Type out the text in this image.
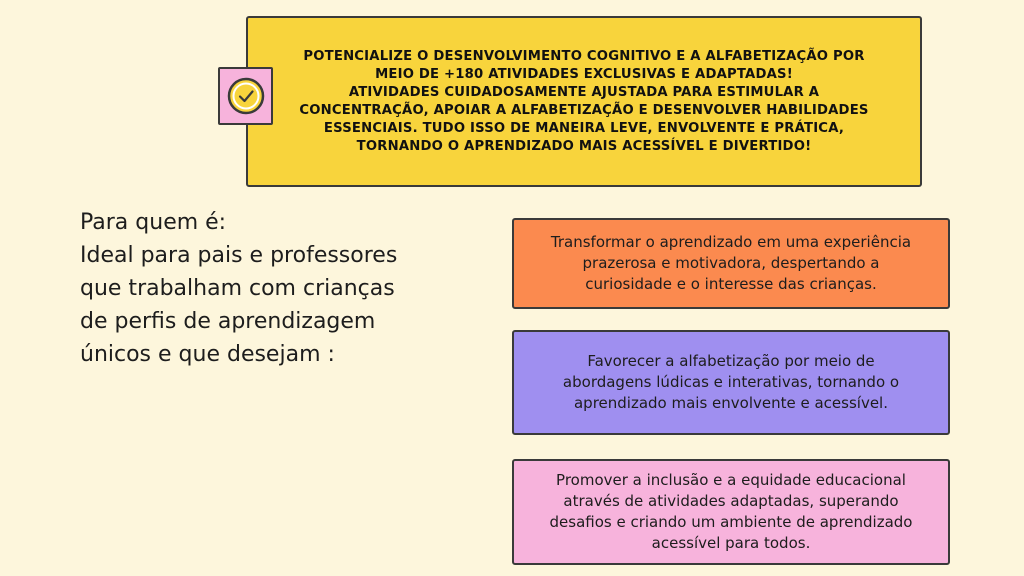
POTENCIALIZE O DESENVOLVIMENTO COGNITIVO E A ALFABETIZAÇÃO POR MEIO DE +180 ATIVIDADES EXCLUSIVAS E ADAPTADAS!

ATIVIDADES CUIDADOSAMENTE AJUSTADA PARA ESTIMULAR A CONCENTRAÇÃO, APOIAR A ALFABETIZAÇÃO E DESENVOLVER HABILIDADES ESSENCIAIS. TUDO ISSO DE MANEIRA LEVE, ENVOLVENTE E PRÁTICA, TORNANDO O APRENDIZADO MAIS ACESSÍVEL E DIVERTIDO!

Para quem é:
Ideal para pais e professores que trabalham com crianças de perfis de aprendizagem únicos e que desejam :
Transformar o aprendizado em uma experiência prazerosa e motivadora, despertando a curiosidade e o interesse das crianças.
Favorecer a alfabetização por meio de abordagens lúdicas e interativas, tornando o aprendizado mais envolvente e acessível.
Promover a inclusão e a equidade educacional através de atividades adaptadas, superando desafios e criando um ambiente de aprendizado acessível para todos.
